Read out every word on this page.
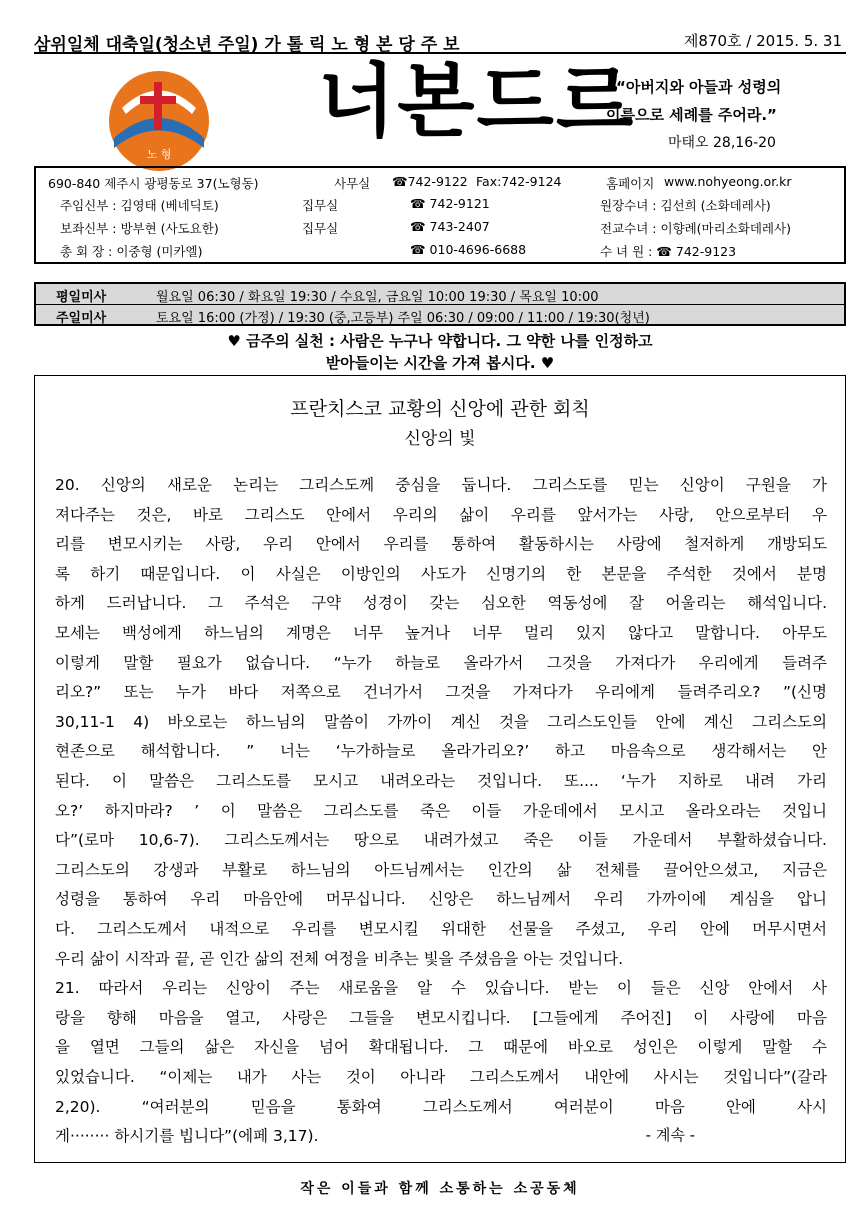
삼위일체 대축일(청소년 주일) 가 톨 릭 노 형 본 당 주 보	제870호 / 2015. 5. 31
노 형
너본드르
“아버지와 아들과 성령의
이름으로 세례를 주어라.”
마태오 28,16-20
690-840 제주시 광평동로 37(노형동)	사무실 ☎742-9122 Fax:742-9124	홈페이지 www.nohyeong.or.kr
주임신부 : 김영태 (베네딕토)	집무실	☎ 742-9121	원장수녀 : 김선희 (소화데레사)
보좌신부 : 방부현 (사도요한)	집무실	☎ 743-2407	전교수녀 : 이향례(마리소화데레사)
총 회 장 : 이중형 (미카엘)	☎ 010-4696-6688	수 녀 원 : ☎ 742-9123
평일미사	월요일 06:30 / 화요일 19:30 / 수요일, 금요일 10:00 19:30 / 목요일 10:00
주일미사	토요일 16:00 (가정) / 19:30 (중,고등부) 주일 06:30 / 09:00 / 11:00 / 19:30(청년)
♥ 금주의 실천 : 사람은 누구나 약합니다. 그 약한 나를 인정하고
받아들이는 시간을 가져 봅시다. ♥
프란치스코 교황의 신앙에 관한 회칙
신앙의 빛
20. 신앙의 새로운 논리는 그리스도께 중심을 둡니다. 그리스도를 믿는 신앙이 구원을 가
져다주는 것은, 바로 그리스도 안에서 우리의 삶이 우리를 앞서가는 사랑, 안으로부터 우
리를 변모시키는 사랑, 우리 안에서 우리를 통하여 활동하시는 사랑에 철저하게 개방되도
록 하기 때문입니다. 이 사실은 이방인의 사도가 신명기의 한 본문을 주석한 것에서 분명
하게 드러납니다. 그 주석은 구약 성경이 갖는 심오한 역동성에 잘 어울리는 해석입니다.
모세는 백성에게 하느님의 계명은 너무 높거나 너무 멀리 있지 않다고 말합니다. 아무도
이렇게 말할 필요가 없습니다. “누가 하늘로 올라가서 그것을 가져다가 우리에게 들려주
리오?” 또는 누가 바다 저쪽으로 건너가서 그것을 가져다가 우리에게 들려주리오? ”(신명
30,11-1 4) 바오로는 하느님의 말씀이 가까이 계신 것을 그리스도인들 안에 계신 그리스도의
현존으로 해석합니다. ” 너는 ‘누가하늘로 올라가리오?’ 하고 마음속으로 생각해서는 안
된다. 이 말씀은 그리스도를 모시고 내려오라는 것입니다. 또.... ‘누가 지하로 내려 가리
오?’ 하지마라? ’ 이 말씀은 그리스도를 죽은 이들 가운데에서 모시고 올라오라는 것입니
다”(로마 10,6-7). 그리스도께서는 땅으로 내려가셨고 죽은 이들 가운데서 부활하셨습니다.
그리스도의 강생과 부활로 하느님의 아드님께서는 인간의 삶 전체를 끌어안으셨고, 지금은
성령을 통하여 우리 마음안에 머무십니다. 신앙은 하느님께서 우리 가까이에 계심을 압니
다. 그리스도께서 내적으로 우리를 변모시킬 위대한 선물을 주셨고, 우리 안에 머무시면서
우리 삶이 시작과 끝, 곧 인간 삶의 전체 여정을 비추는 빛을 주셨음을 아는 것입니다.
21. 따라서 우리는 신앙이 주는 새로움을 알 수 있습니다. 받는 이 들은 신앙 안에서 사
랑을 향해 마음을 열고, 사랑은 그들을 변모시킵니다. [그들에게 주어진] 이 사랑에 마음
을 열면 그들의 삶은 자신을 넘어 확대됩니다. 그 때문에 바오로 성인은 이렇게 말할 수
있었습니다. “이제는 내가 사는 것이 아니라 그리스도께서 내안에 사시는 것입니다”(갈라
2,20). “여러분의 믿음을 통화여 그리스도께서 여러분이 마음 안에 사시
게········ 하시기를 빕니다”(에페 3,17).	- 계속 -
작은 이들과 함께 소통하는 소공동체
